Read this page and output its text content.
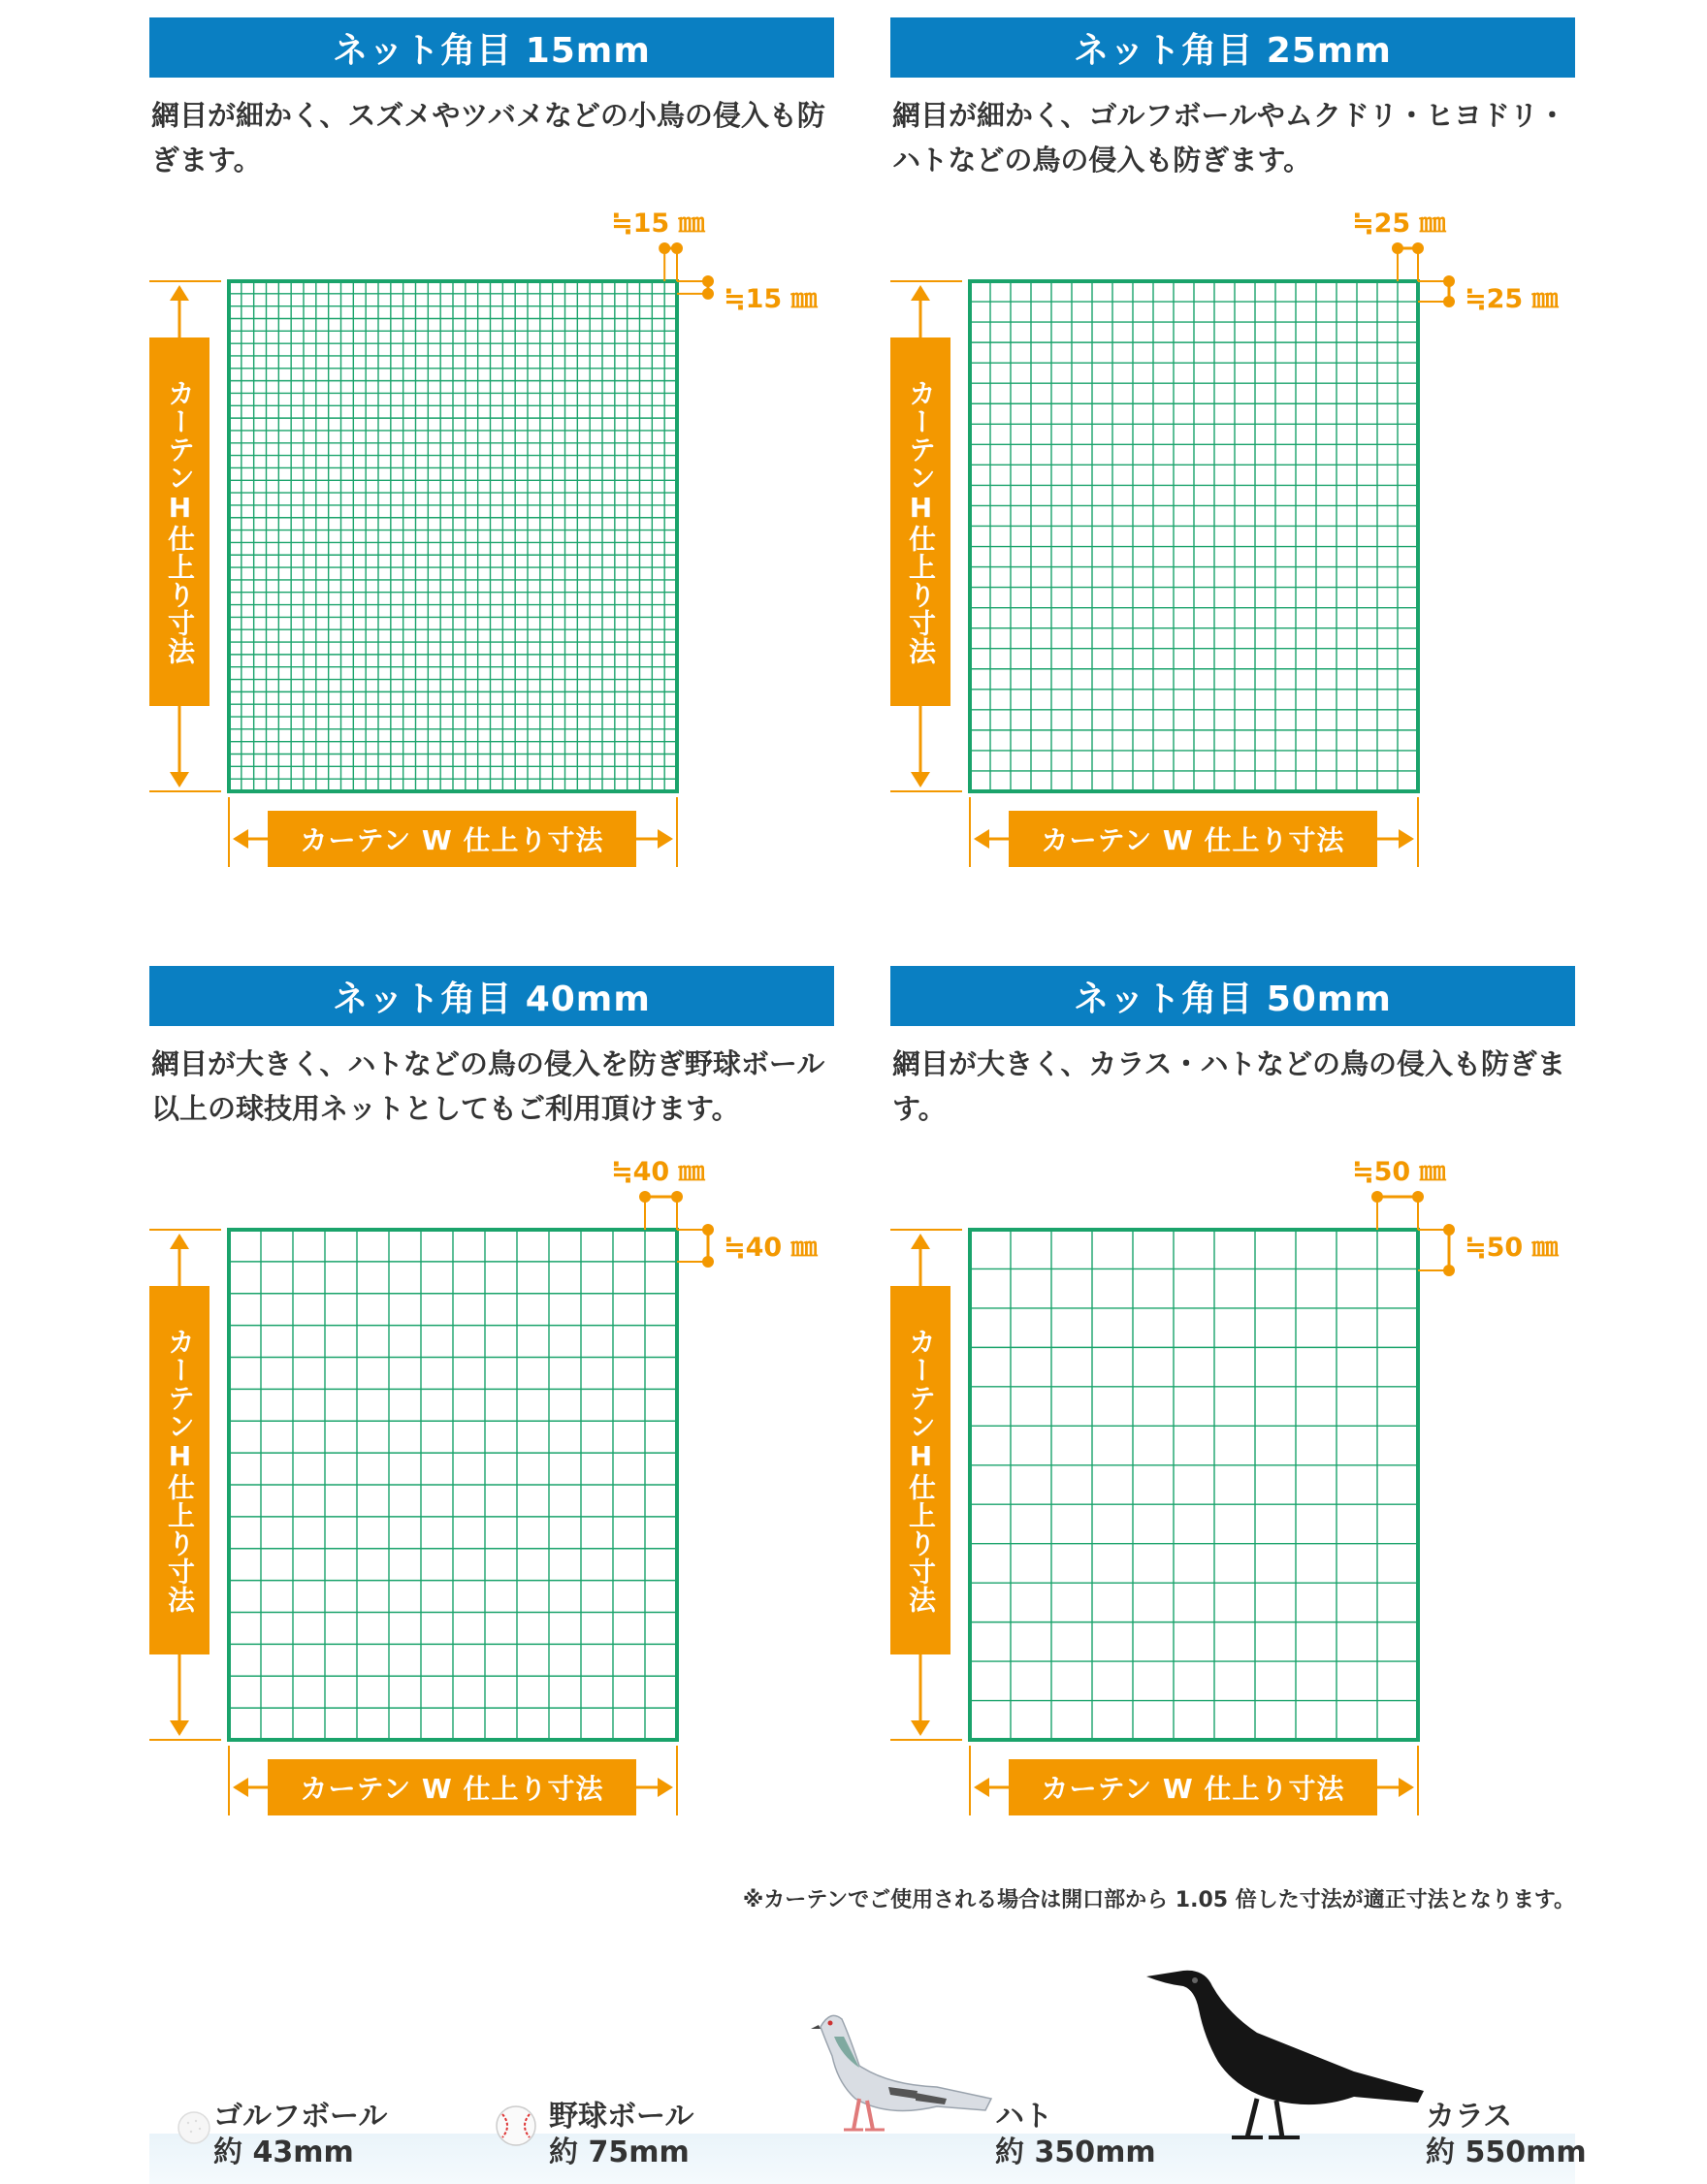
ネット角目 15mm
網目が細かく、スズメやツバメなどの小鳥の侵入も防ぎます。
≒15 ㎜
≒15 ㎜
カーテンH仕上り寸法
カーテン W 仕上り寸法
ネット角目 25mm
網目が細かく、ゴルフボールやムクドリ・ヒヨドリ・ハトなどの鳥の侵入も防ぎます。
≒25 ㎜
≒25 ㎜
カーテンH仕上り寸法
カーテン W 仕上り寸法
ネット角目 40mm
網目が大きく、ハトなどの鳥の侵入を防ぎ野球ボール以上の球技用ネットとしてもご利用頂けます。
≒40 ㎜
≒40 ㎜
カーテンH仕上り寸法
カーテン W 仕上り寸法
ネット角目 50mm
網目が大きく、カラス・ハトなどの鳥の侵入も防ぎます。
≒50 ㎜
≒50 ㎜
カーテンH仕上り寸法
カーテン W 仕上り寸法
※カーテンでご使用される場合は開口部から 1.05 倍した寸法が適正寸法となります。
ゴルフボール
約 43mm
野球ボール
約 75mm
ハト
約 350mm
カラス
約 550mm
